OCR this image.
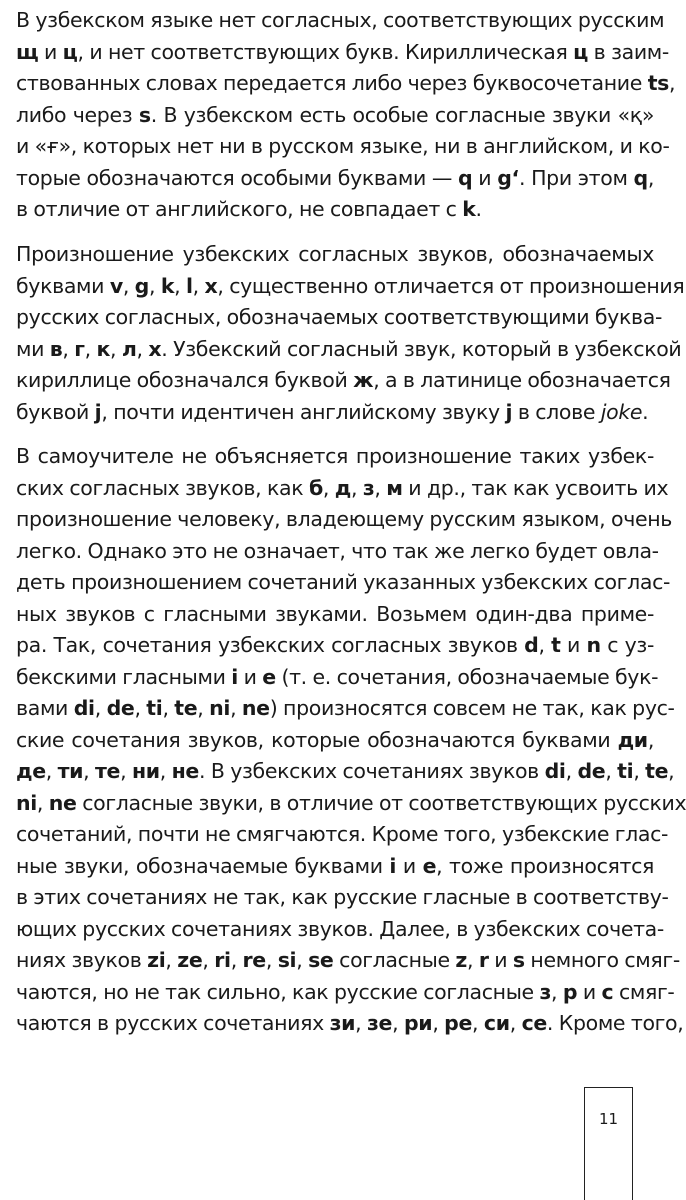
В узбекском языке нет согласных, соответствующих русским
щ и ц, и нет соответствующих букв. Кириллическая ц в заим-
ствованных словах передается либо через буквосочетание ts,
либо через s. В узбекском есть особые согласные звуки «қ»
и «ғ», которых нет ни в русском языке, ни в английском, и ко-
торые обозначаются особыми буквами — q и g‘. При этом q,
в отличие от английского, не совпадает с k.
Произношение узбекских согласных звуков, обозначаемых
буквами v, g, k, l, x, существенно отличается от произношения
русских согласных, обозначаемых соответствующими буква-
ми в, г, к, л, х. Узбекский согласный звук, который в узбекской
кириллице обозначался буквой ж, а в латинице обозначается
буквой j, почти идентичен английскому звуку j в слове joke.
В самоучителе не объясняется произношение таких узбек-
ских согласных звуков, как б, д, з, м и др., так как усвоить их
произношение человеку, владеющему русским языком, очень
легко. Однако это не означает, что так же легко будет овла-
деть произношением сочетаний указанных узбекских соглас-
ных звуков с гласными звуками. Возьмем один-два приме-
ра. Так, сочетания узбекских согласных звуков d, t и n с уз-
бекскими гласными i и e (т. е. сочетания, обозначаемые бук-
вами di, de, ti, te, ni, ne) произносятся совсем не так, как рус-
ские сочетания звуков, которые обозначаются буквами ди,
де, ти, те, ни, не. В узбекских сочетаниях звуков di, de, ti, te,
ni, ne согласные звуки, в отличие от соответствующих русских
сочетаний, почти не смягчаются. Кроме того, узбекские глас-
ные звуки, обозначаемые буквами i и e, тоже произносятся
в этих сочетаниях не так, как русские гласные в соответству-
ющих русских сочетаниях звуков. Далее, в узбекских сочета-
ниях звуков zi, ze, ri, re, si, se согласные z, r и s немного смяг-
чаются, но не так сильно, как русские согласные з, р и с смяг-
чаются в русских сочетаниях зи, зе, ри, ре, си, се. Кроме того,
11
